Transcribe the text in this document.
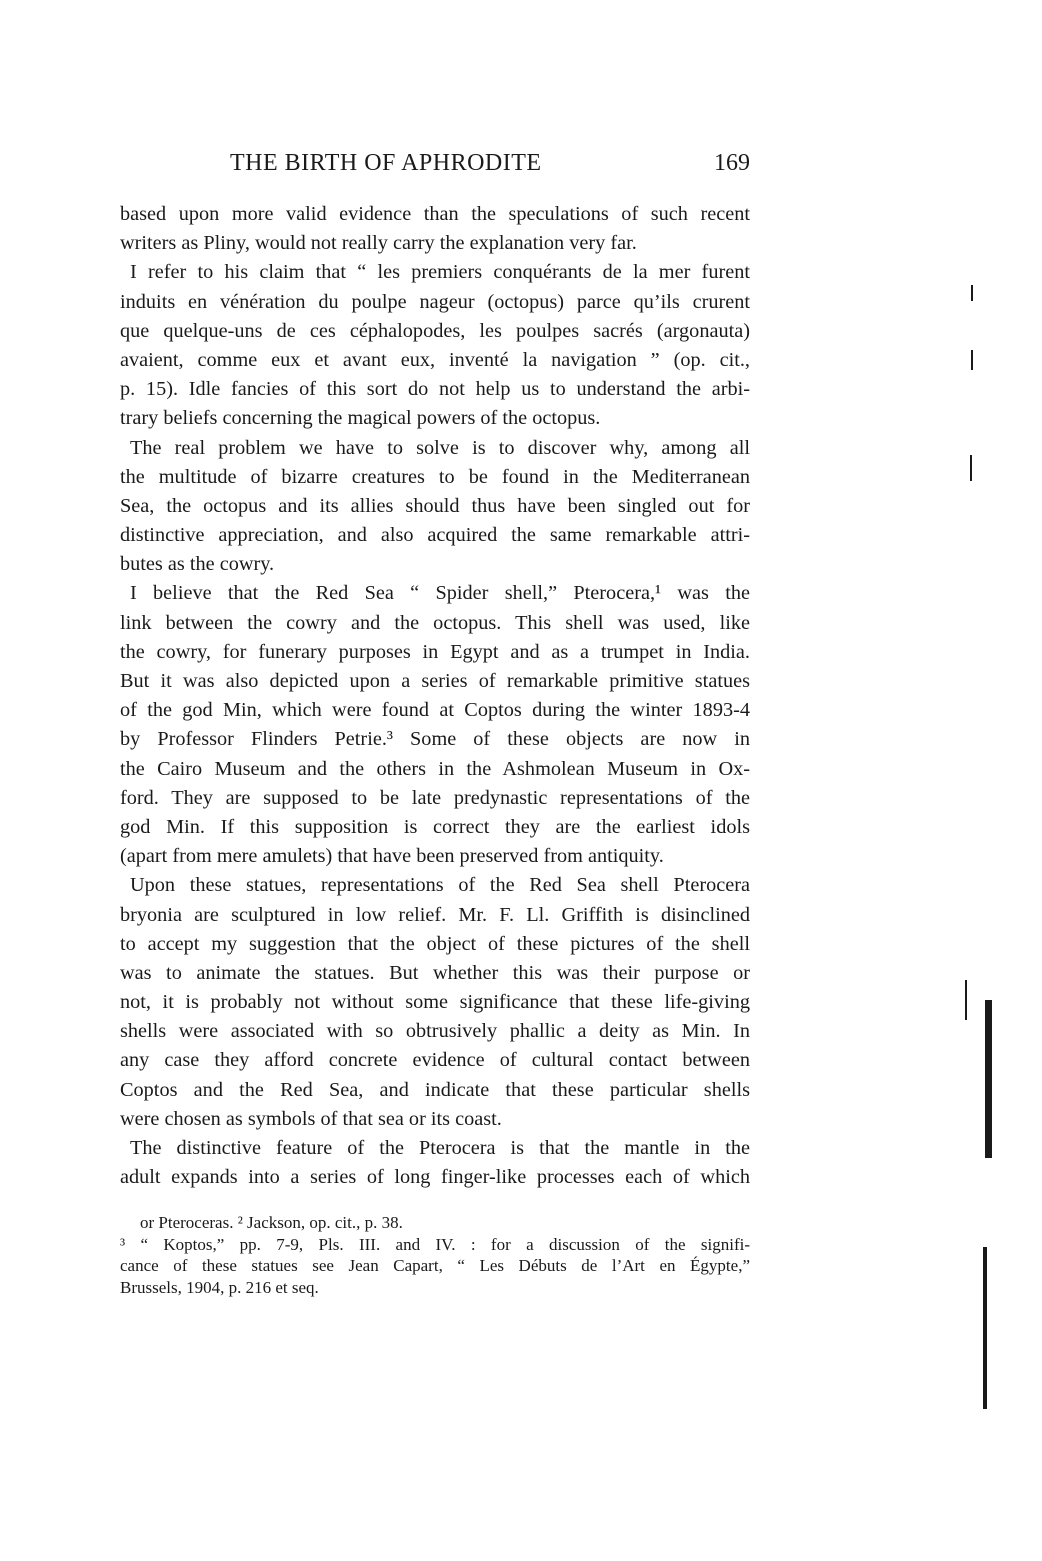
THE BIRTH OF APHRODITE	169
based upon more valid evidence than the speculations of such recent
writers as Pliny, would not really carry the explanation very far.
I refer to his claim that “ les premiers conquérants de la mer furent
induits en vénération du poulpe nageur (octopus) parce qu’ils crurent
que quelque-uns de ces céphalopodes, les poulpes sacrés (argonauta)
avaient, comme eux et avant eux, inventé la navigation ” (op. cit.,
p. 15). Idle fancies of this sort do not help us to understand the arbi-
trary beliefs concerning the magical powers of the octopus.
The real problem we have to solve is to discover why, among all
the multitude of bizarre creatures to be found in the Mediterranean
Sea, the octopus and its allies should thus have been singled out for
distinctive appreciation, and also acquired the same remarkable attri-
butes as the cowry.
I believe that the Red Sea “ Spider shell,” Pterocera,¹ was the
link between the cowry and the octopus. This shell was used, like
the cowry, for funerary purposes in Egypt and as a trumpet in India.
But it was also depicted upon a series of remarkable primitive statues
of the god Min, which were found at Coptos during the winter 1893-4
by Professor Flinders Petrie.³ Some of these objects are now in
the Cairo Museum and the others in the Ashmolean Museum in Ox-
ford. They are supposed to be late predynastic representations of the
god Min. If this supposition is correct they are the earliest idols
(apart from mere amulets) that have been preserved from antiquity.
Upon these statues, representations of the Red Sea shell Pterocera
bryonia are sculptured in low relief. Mr. F. Ll. Griffith is disinclined
to accept my suggestion that the object of these pictures of the shell
was to animate the statues. But whether this was their purpose or
not, it is probably not without some significance that these life-giving
shells were associated with so obtrusively phallic a deity as Min. In
any case they afford concrete evidence of cultural contact between
Coptos and the Red Sea, and indicate that these particular shells
were chosen as symbols of that sea or its coast.
The distinctive feature of the Pterocera is that the mantle in the
adult expands into a series of long finger-like processes each of which
or Pteroceras. ² Jackson, op. cit., p. 38.
³ “ Koptos,” pp. 7-9, Pls. III. and IV. : for a discussion of the signifi-
cance of these statues see Jean Capart, “ Les Débuts de l’Art en Égypte,”
Brussels, 1904, p. 216 et seq.
